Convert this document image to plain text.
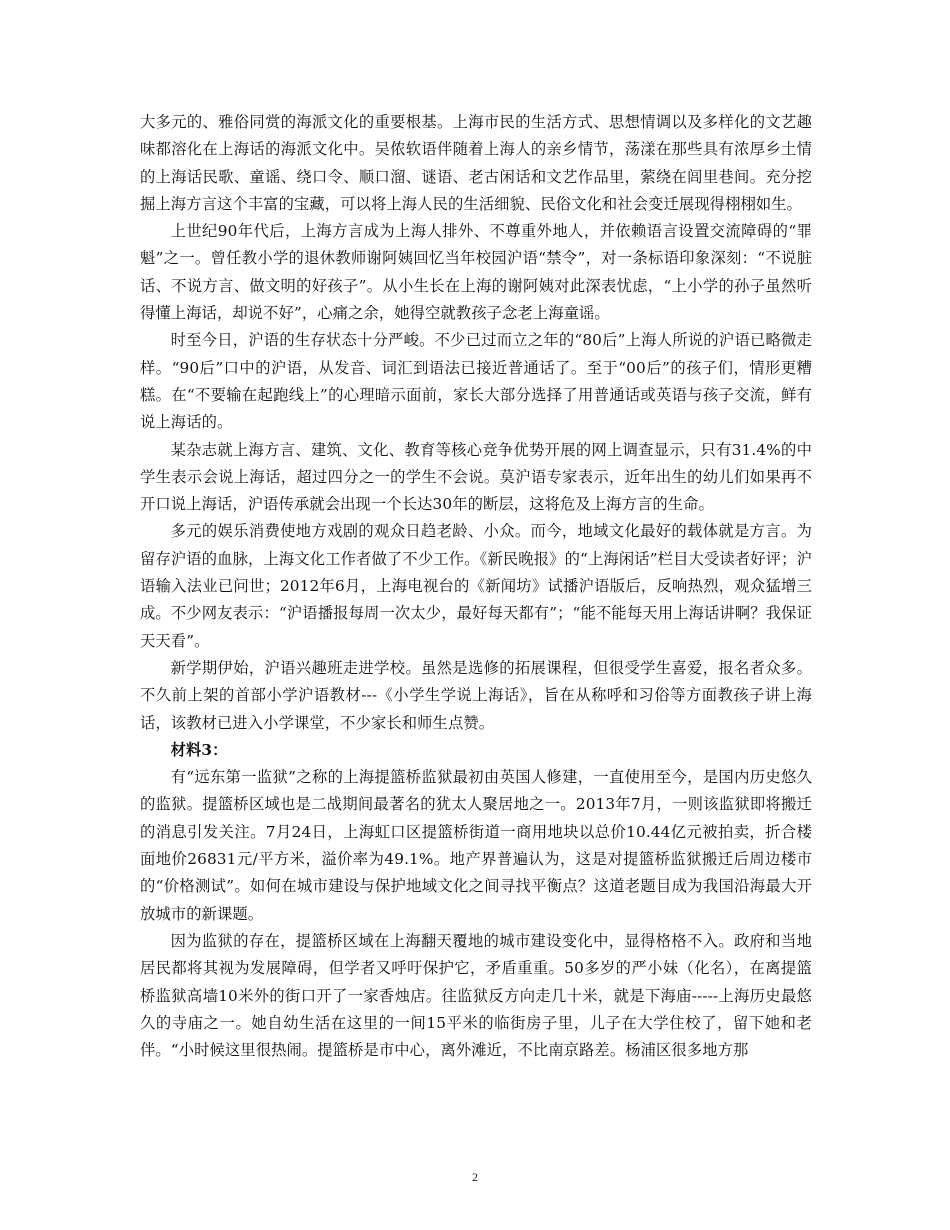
大多元的、雅俗同赏的海派文化的重要根基。上海市民的生活方式、思想情调以及多样化的文艺趣味都溶化在上海话的海派文化中。吴侬软语伴随着上海人的亲乡情节，荡漾在那些具有浓厚乡土情的上海话民歌、童谣、绕口令、顺口溜、谜语、老古闲话和文艺作品里，萦绕在闾里巷间。充分挖掘上海方言这个丰富的宝藏，可以将上海人民的生活细貌、民俗文化和社会变迁展现得栩栩如生。

上世纪90年代后，上海方言成为上海人排外、不尊重外地人，并依赖语言设置交流障碍的“罪魁”之一。曾任教小学的退休教师谢阿姨回忆当年校园沪语“禁令”，对一条标语印象深刻：“不说脏话、不说方言、做文明的好孩子”。从小生长在上海的谢阿姨对此深表忧虑，“上小学的孙子虽然听得懂上海话，却说不好”，心痛之余，她得空就教孩子念老上海童谣。

时至今日，沪语的生存状态十分严峻。不少已过而立之年的“80后”上海人所说的沪语已略微走样。“90后”口中的沪语，从发音、词汇到语法已接近普通话了。至于“00后”的孩子们，情形更糟糕。在“不要输在起跑线上”的心理暗示面前，家长大部分选择了用普通话或英语与孩子交流，鲜有说上海话的。

某杂志就上海方言、建筑、文化、教育等核心竞争优势开展的网上调查显示，只有31.4%的中学生表示会说上海话，超过四分之一的学生不会说。莫沪语专家表示，近年出生的幼儿们如果再不开口说上海话，沪语传承就会出现一个长达30年的断层，这将危及上海方言的生命。

多元的娱乐消费使地方戏剧的观众日趋老龄、小众。而今，地域文化最好的载体就是方言。为留存沪语的血脉，上海文化工作者做了不少工作。《新民晚报》的“上海闲话”栏目大受读者好评；沪语输入法业已问世；2012年6月，上海电视台的《新闻坊》试播沪语版后，反响热烈，观众猛增三成。不少网友表示：“沪语播报每周一次太少，最好每天都有”；“能不能每天用上海话讲啊？我保证天天看”。

新学期伊始，沪语兴趣班走进学校。虽然是选修的拓展课程，但很受学生喜爱，报名者众多。不久前上架的首部小学沪语教材---《小学生学说上海话》，旨在从称呼和习俗等方面教孩子讲上海话，该教材已进入小学课堂，不少家长和师生点赞。

材料3：

有“远东第一监狱”之称的上海提篮桥监狱最初由英国人修建，一直使用至今，是国内历史悠久的监狱。提篮桥区域也是二战期间最著名的犹太人聚居地之一。2013年7月，一则该监狱即将搬迁的消息引发关注。7月24日，上海虹口区提篮桥街道一商用地块以总价10.44亿元被拍卖，折合楼面地价26831元/平方米，溢价率为49.1%。地产界普遍认为，这是对提篮桥监狱搬迁后周边楼市的“价格测试”。如何在城市建设与保护地域文化之间寻找平衡点？这道老题目成为我国沿海最大开放城市的新课题。

因为监狱的存在，提篮桥区域在上海翻天覆地的城市建设变化中，显得格格不入。政府和当地居民都将其视为发展障碍，但学者又呼吁保护它，矛盾重重。50多岁的严小妹（化名），在离提篮桥监狱高墙10米外的街口开了一家香烛店。往监狱反方向走几十米，就是下海庙-----上海历史最悠久的寺庙之一。她自幼生活在这里的一间15平米的临街房子里，儿子在大学住校了，留下她和老伴。“小时候这里很热闹。提篮桥是市中心，离外滩近，不比南京路差。杨浦区很多地方那

2
